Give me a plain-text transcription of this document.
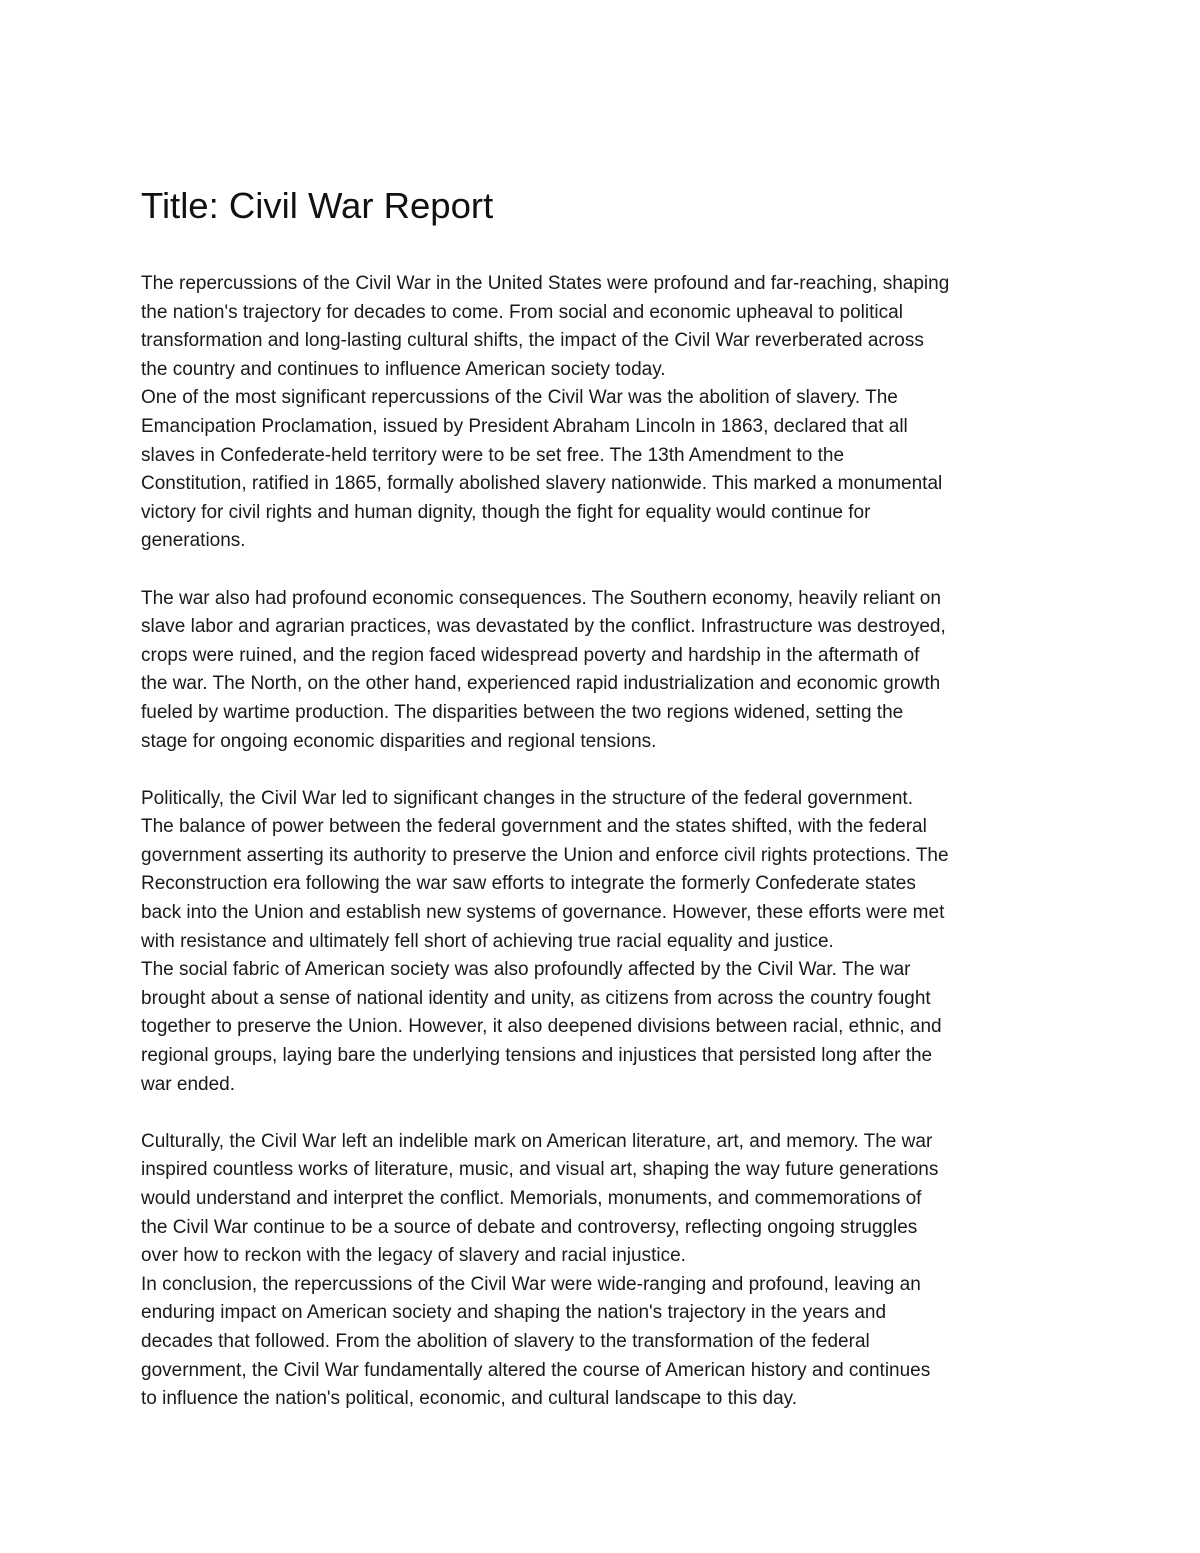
Title: Civil War Report

The repercussions of the Civil War in the United States were profound and far-reaching, shaping
the nation's trajectory for decades to come. From social and economic upheaval to political
transformation and long-lasting cultural shifts, the impact of the Civil War reverberated across
the country and continues to influence American society today.

One of the most significant repercussions of the Civil War was the abolition of slavery. The
Emancipation Proclamation, issued by President Abraham Lincoln in 1863, declared that all
slaves in Confederate-held territory were to be set free. The 13th Amendment to the
Constitution, ratified in 1865, formally abolished slavery nationwide. This marked a monumental
victory for civil rights and human dignity, though the fight for equality would continue for
generations.

The war also had profound economic consequences. The Southern economy, heavily reliant on
slave labor and agrarian practices, was devastated by the conflict. Infrastructure was destroyed,
crops were ruined, and the region faced widespread poverty and hardship in the aftermath of
the war. The North, on the other hand, experienced rapid industrialization and economic growth
fueled by wartime production. The disparities between the two regions widened, setting the
stage for ongoing economic disparities and regional tensions.

Politically, the Civil War led to significant changes in the structure of the federal government.
The balance of power between the federal government and the states shifted, with the federal
government asserting its authority to preserve the Union and enforce civil rights protections. The
Reconstruction era following the war saw efforts to integrate the formerly Confederate states
back into the Union and establish new systems of governance. However, these efforts were met
with resistance and ultimately fell short of achieving true racial equality and justice.

The social fabric of American society was also profoundly affected by the Civil War. The war
brought about a sense of national identity and unity, as citizens from across the country fought
together to preserve the Union. However, it also deepened divisions between racial, ethnic, and
regional groups, laying bare the underlying tensions and injustices that persisted long after the
war ended.

Culturally, the Civil War left an indelible mark on American literature, art, and memory. The war
inspired countless works of literature, music, and visual art, shaping the way future generations
would understand and interpret the conflict. Memorials, monuments, and commemorations of
the Civil War continue to be a source of debate and controversy, reflecting ongoing struggles
over how to reckon with the legacy of slavery and racial injustice.

In conclusion, the repercussions of the Civil War were wide-ranging and profound, leaving an
enduring impact on American society and shaping the nation's trajectory in the years and
decades that followed. From the abolition of slavery to the transformation of the federal
government, the Civil War fundamentally altered the course of American history and continues
to influence the nation's political, economic, and cultural landscape to this day.
